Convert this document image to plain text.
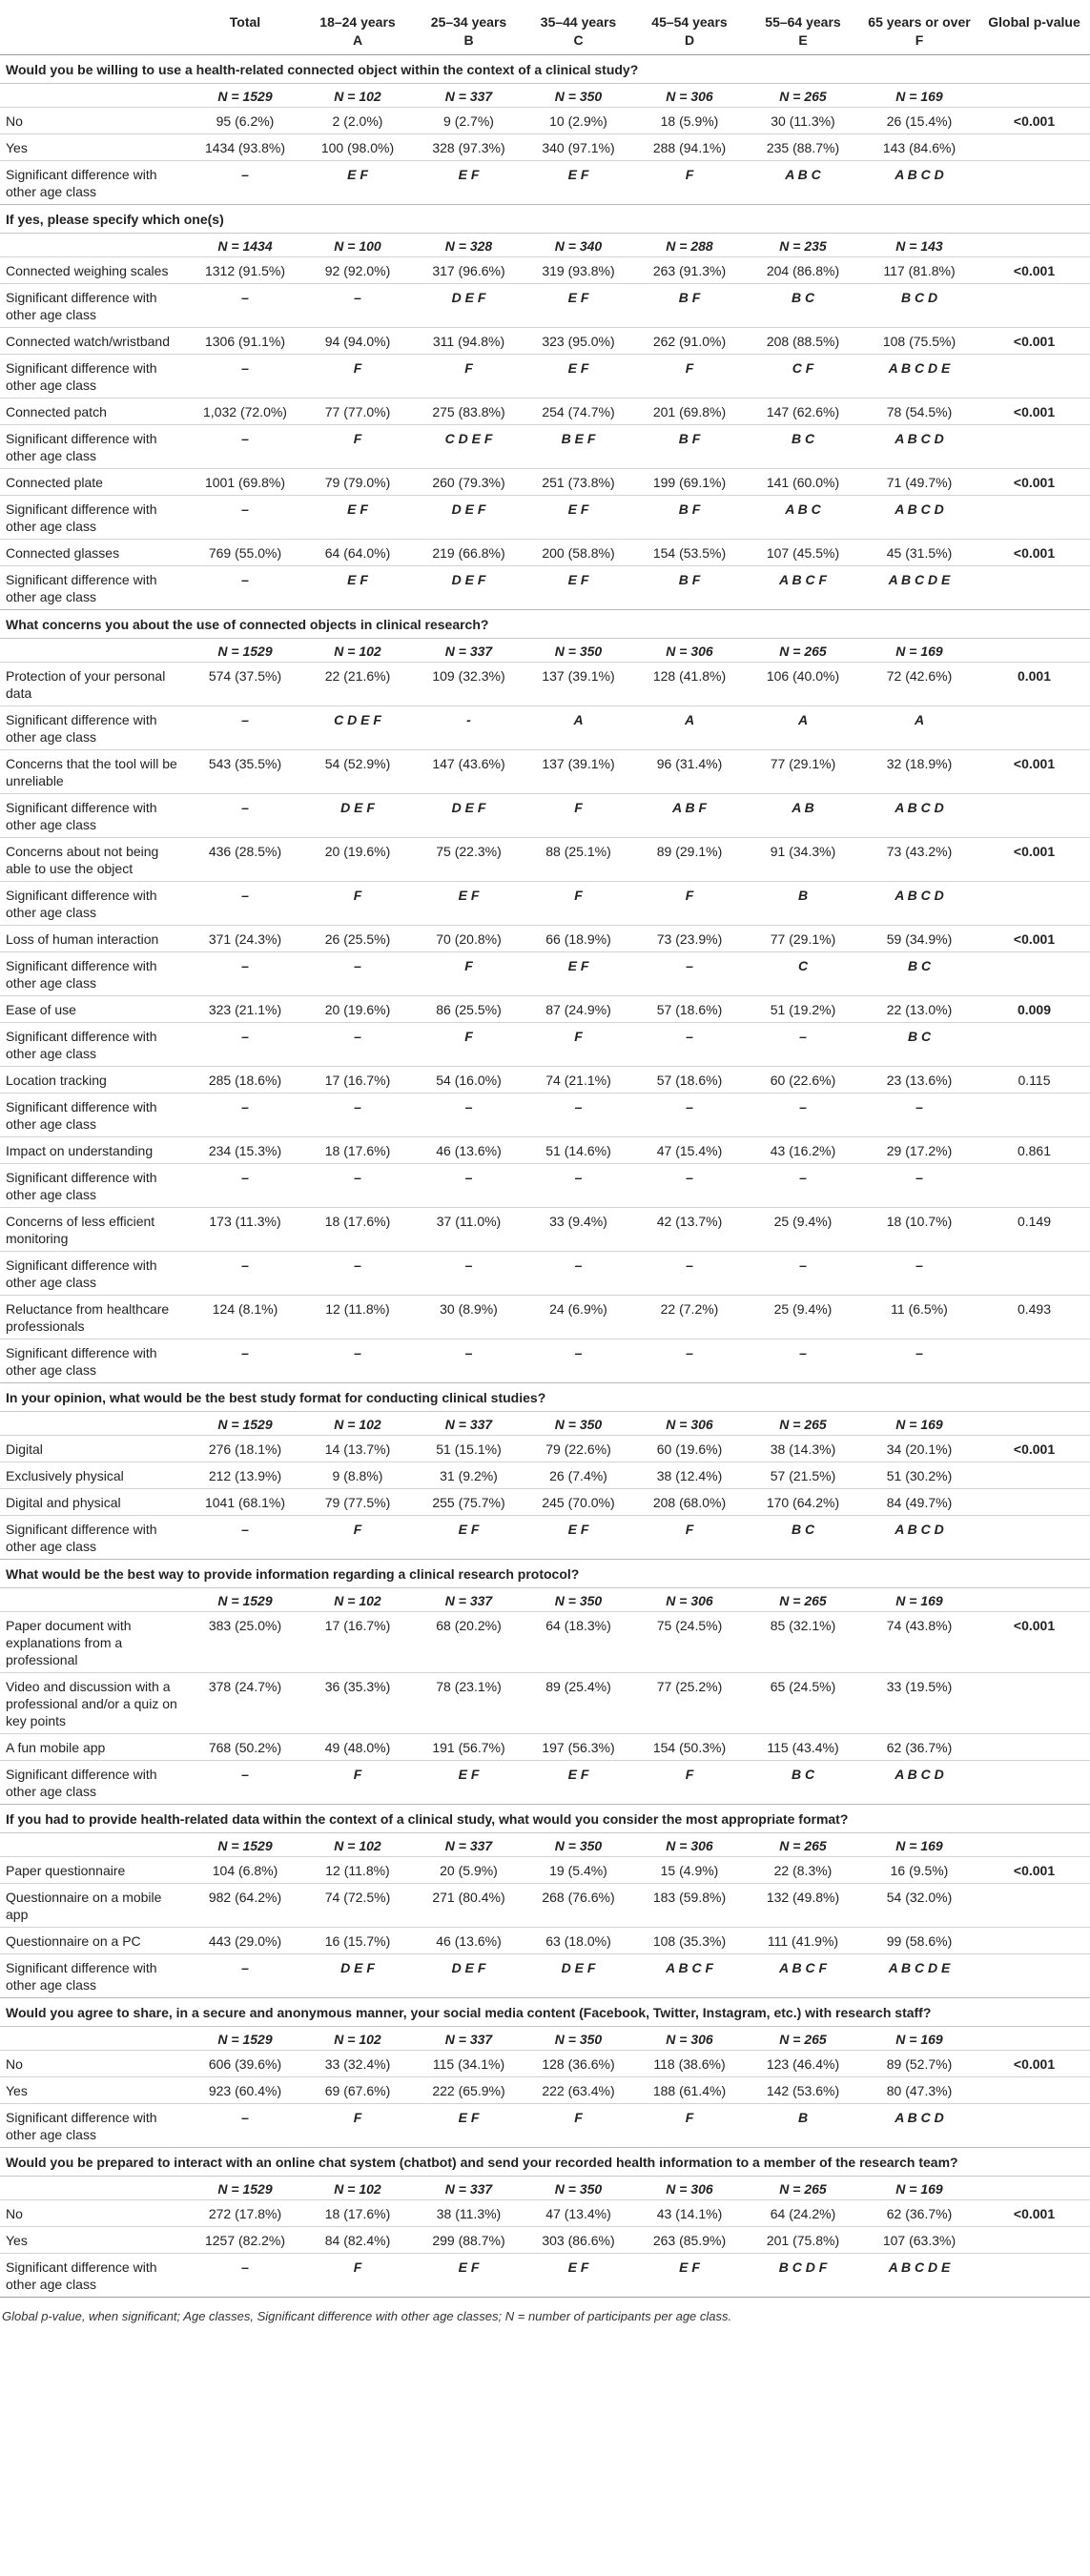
	Total	18–24 years	25–34 years	35–44 years	45–54 years	55–64 years	65 years or over	Global p-value
		A	B	C	D	E	F	
Would you be willing to use a health-related connected object within the context of a clinical study?								
	N = 1529	N = 102	N = 337	N = 350	N = 306	N = 265	N = 169	
No	95 (6.2%)	2 (2.0%)	9 (2.7%)	10 (2.9%)	18 (5.9%)	30 (11.3%)	26 (15.4%)	<0.001
Yes	1434 (93.8%)	100 (98.0%)	328 (97.3%)	340 (97.1%)	288 (94.1%)	235 (88.7%)	143 (84.6%)	
Significant difference with other age class	–	E F	E F	E F	F	A B C	A B C D	
If yes, please specify which one(s)								
	N = 1434	N = 100	N = 328	N = 340	N = 288	N = 235	N = 143	
Connected weighing scales	1312 (91.5%)	92 (92.0%)	317 (96.6%)	319 (93.8%)	263 (91.3%)	204 (86.8%)	117 (81.8%)	<0.001
Significant difference with other age class	–	–	D E F	E F	B F	B C	B C D	
Connected watch/wristband	1306 (91.1%)	94 (94.0%)	311 (94.8%)	323 (95.0%)	262 (91.0%)	208 (88.5%)	108 (75.5%)	<0.001
Significant difference with other age class	–	F	F	E F	F	C F	A B C D E	
Connected patch	1,032 (72.0%)	77 (77.0%)	275 (83.8%)	254 (74.7%)	201 (69.8%)	147 (62.6%)	78 (54.5%)	<0.001
Significant difference with other age class	–	F	C D E F	B E F	B F	B C	A B C D	
Connected plate	1001 (69.8%)	79 (79.0%)	260 (79.3%)	251 (73.8%)	199 (69.1%)	141 (60.0%)	71 (49.7%)	<0.001
Significant difference with other age class	–	E F	D E F	E F	B F	A B C	A B C D	
Connected glasses	769 (55.0%)	64 (64.0%)	219 (66.8%)	200 (58.8%)	154 (53.5%)	107 (45.5%)	45 (31.5%)	<0.001
Significant difference with other age class	–	E F	D E F	E F	B F	A B C F	A B C D E	
What concerns you about the use of connected objects in clinical research?								
	N = 1529	N = 102	N = 337	N = 350	N = 306	N = 265	N = 169	
Protection of your personal data	574 (37.5%)	22 (21.6%)	109 (32.3%)	137 (39.1%)	128 (41.8%)	106 (40.0%)	72 (42.6%)	0.001
Significant difference with other age class	–	C D E F	-	A	A	A	A	
Concerns that the tool will be unreliable	543 (35.5%)	54 (52.9%)	147 (43.6%)	137 (39.1%)	96 (31.4%)	77 (29.1%)	32 (18.9%)	<0.001
Significant difference with other age class	–	D E F	D E F	F	A B F	A B	A B C D	
Concerns about not being able to use the object	436 (28.5%)	20 (19.6%)	75 (22.3%)	88 (25.1%)	89 (29.1%)	91 (34.3%)	73 (43.2%)	<0.001
Significant difference with other age class	–	F	E F	F	F	B	A B C D	
Loss of human interaction	371 (24.3%)	26 (25.5%)	70 (20.8%)	66 (18.9%)	73 (23.9%)	77 (29.1%)	59 (34.9%)	<0.001
Significant difference with other age class	–	–	F	E F	–	C	B C	
Ease of use	323 (21.1%)	20 (19.6%)	86 (25.5%)	87 (24.9%)	57 (18.6%)	51 (19.2%)	22 (13.0%)	0.009
Significant difference with other age class	–	–	F	F	–	–	B C	
Location tracking	285 (18.6%)	17 (16.7%)	54 (16.0%)	74 (21.1%)	57 (18.6%)	60 (22.6%)	23 (13.6%)	0.115
Significant difference with other age class	–	–	–	–	–	–	–	
Impact on understanding	234 (15.3%)	18 (17.6%)	46 (13.6%)	51 (14.6%)	47 (15.4%)	43 (16.2%)	29 (17.2%)	0.861
Significant difference with other age class	–	–	–	–	–	–	–	
Concerns of less efficient monitoring	173 (11.3%)	18 (17.6%)	37 (11.0%)	33 (9.4%)	42 (13.7%)	25 (9.4%)	18 (10.7%)	0.149
Significant difference with other age class	–	–	–	–	–	–	–	
Reluctance from healthcare professionals	124 (8.1%)	12 (11.8%)	30 (8.9%)	24 (6.9%)	22 (7.2%)	25 (9.4%)	11 (6.5%)	0.493
Significant difference with other age class	–	–	–	–	–	–	–	
In your opinion, what would be the best study format for conducting clinical studies?								
	N = 1529	N = 102	N = 337	N = 350	N = 306	N = 265	N = 169	
Digital	276 (18.1%)	14 (13.7%)	51 (15.1%)	79 (22.6%)	60 (19.6%)	38 (14.3%)	34 (20.1%)	<0.001
Exclusively physical	212 (13.9%)	9 (8.8%)	31 (9.2%)	26 (7.4%)	38 (12.4%)	57 (21.5%)	51 (30.2%)	
Digital and physical	1041 (68.1%)	79 (77.5%)	255 (75.7%)	245 (70.0%)	208 (68.0%)	170 (64.2%)	84 (49.7%)	
Significant difference with other age class	–	F	E F	E F	F	B C	A B C D	
What would be the best way to provide information regarding a clinical research protocol?								
	N = 1529	N = 102	N = 337	N = 350	N = 306	N = 265	N = 169	
Paper document with explanations from a professional	383 (25.0%)	17 (16.7%)	68 (20.2%)	64 (18.3%)	75 (24.5%)	85 (32.1%)	74 (43.8%)	<0.001
Video and discussion with a professional and/or a quiz on key points	378 (24.7%)	36 (35.3%)	78 (23.1%)	89 (25.4%)	77 (25.2%)	65 (24.5%)	33 (19.5%)	
A fun mobile app	768 (50.2%)	49 (48.0%)	191 (56.7%)	197 (56.3%)	154 (50.3%)	115 (43.4%)	62 (36.7%)	
Significant difference with other age class	–	F	E F	E F	F	B C	A B C D	
If you had to provide health-related data within the context of a clinical study, what would you consider the most appropriate format?								
	N = 1529	N = 102	N = 337	N = 350	N = 306	N = 265	N = 169	
Paper questionnaire	104 (6.8%)	12 (11.8%)	20 (5.9%)	19 (5.4%)	15 (4.9%)	22 (8.3%)	16 (9.5%)	<0.001
Questionnaire on a mobile app	982 (64.2%)	74 (72.5%)	271 (80.4%)	268 (76.6%)	183 (59.8%)	132 (49.8%)	54 (32.0%)	
Questionnaire on a PC	443 (29.0%)	16 (15.7%)	46 (13.6%)	63 (18.0%)	108 (35.3%)	111 (41.9%)	99 (58.6%)	
Significant difference with other age class	–	D E F	D E F	D E F	A B C F	A B C F	A B C D E	
Would you agree to share, in a secure and anonymous manner, your social media content (Facebook, Twitter, Instagram, etc.) with research staff?								
	N = 1529	N = 102	N = 337	N = 350	N = 306	N = 265	N = 169	
No	606 (39.6%)	33 (32.4%)	115 (34.1%)	128 (36.6%)	118 (38.6%)	123 (46.4%)	89 (52.7%)	<0.001
Yes	923 (60.4%)	69 (67.6%)	222 (65.9%)	222 (63.4%)	188 (61.4%)	142 (53.6%)	80 (47.3%)	
Significant difference with other age class	–	F	E F	F	F	B	A B C D	
Would you be prepared to interact with an online chat system (chatbot) and send your recorded health information to a member of the research team?								
	N = 1529	N = 102	N = 337	N = 350	N = 306	N = 265	N = 169	
No	272 (17.8%)	18 (17.6%)	38 (11.3%)	47 (13.4%)	43 (14.1%)	64 (24.2%)	62 (36.7%)	<0.001
Yes	1257 (82.2%)	84 (82.4%)	299 (88.7%)	303 (86.6%)	263 (85.9%)	201 (75.8%)	107 (63.3%)	
Significant difference with other age class	–	F	E F	E F	E F	B C D F	A B C D E	
Global p-value, when significant; Age classes, Significant difference with other age classes; N = number of participants per age class.
